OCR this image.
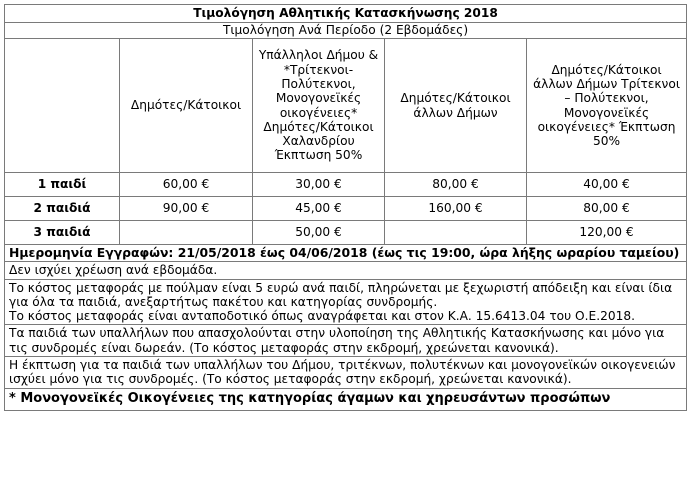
Τιμολόγηση Αθλητικής Κατασκήνωσης 2018				
Τιμολόγηση Ανά Περίοδο (2 Εβδομάδες)				
	Δημότες/Κάτοικοι	Υπάλληλοι Δήμου & *Τρίτεκνοι-Πολύτεκνοι, Μονογονεϊκές οικογένειες* Δημότες/Κάτοικοι Χαλανδρίου Έκπτωση 50%	Δημότες/Κάτοικοι άλλων Δήμων	Δημότες/Κάτοικοι άλλων Δήμων Τρίτεκνοι – Πολύτεκνοι, Μονογονεϊκές οικογένειες* Έκπτωση 50%
1 παιδί	60,00 €	30,00 €	80,00 €	40,00 €
2 παιδιά	90,00 €	45,00 €	160,00 €	80,00 €
3 παιδιά		50,00 €		120,00 €
Ημερομηνία Εγγραφών: 21/05/2018 έως 04/06/2018 (έως τις 19:00, ώρα λήξης ωραρίου ταμείου)				
Δεν ισχύει χρέωση ανά εβδομάδα.				

Το κόστος μεταφοράς με πούλμαν είναι 5 ευρώ ανά παιδί, πληρώνεται με ξεχωριστή απόδειξη και είναι ίδια για όλα τα παιδιά, ανεξαρτήτως πακέτου και κατηγορίας συνδρομής.
Το κόστος μεταφοράς είναι ανταποδοτικό όπως αναγράφεται και στον Κ.Α. 15.6413.04 του Ο.Ε.2018.				

Τα παιδιά των υπαλλήλων που απασχολούνται στην υλοποίηση της Αθλητικής Κατασκήνωσης και μόνο για τις συνδρομές είναι δωρεάν. (Το κόστος μεταφοράς στην εκδρομή, χρεώνεται κανονικά).				
Η έκπτωση για τα παιδιά των υπαλλήλων του Δήμου, τριτέκνων, πολυτέκνων και μονογονεϊκών οικογενειών ισχύει μόνο για τις συνδρομές. (Το κόστος μεταφοράς στην εκδρομή, χρεώνεται κανονικά).				
* Μονογονεϊκές Οικογένειες της κατηγορίας άγαμων και χηρευσάντων προσώπων				
